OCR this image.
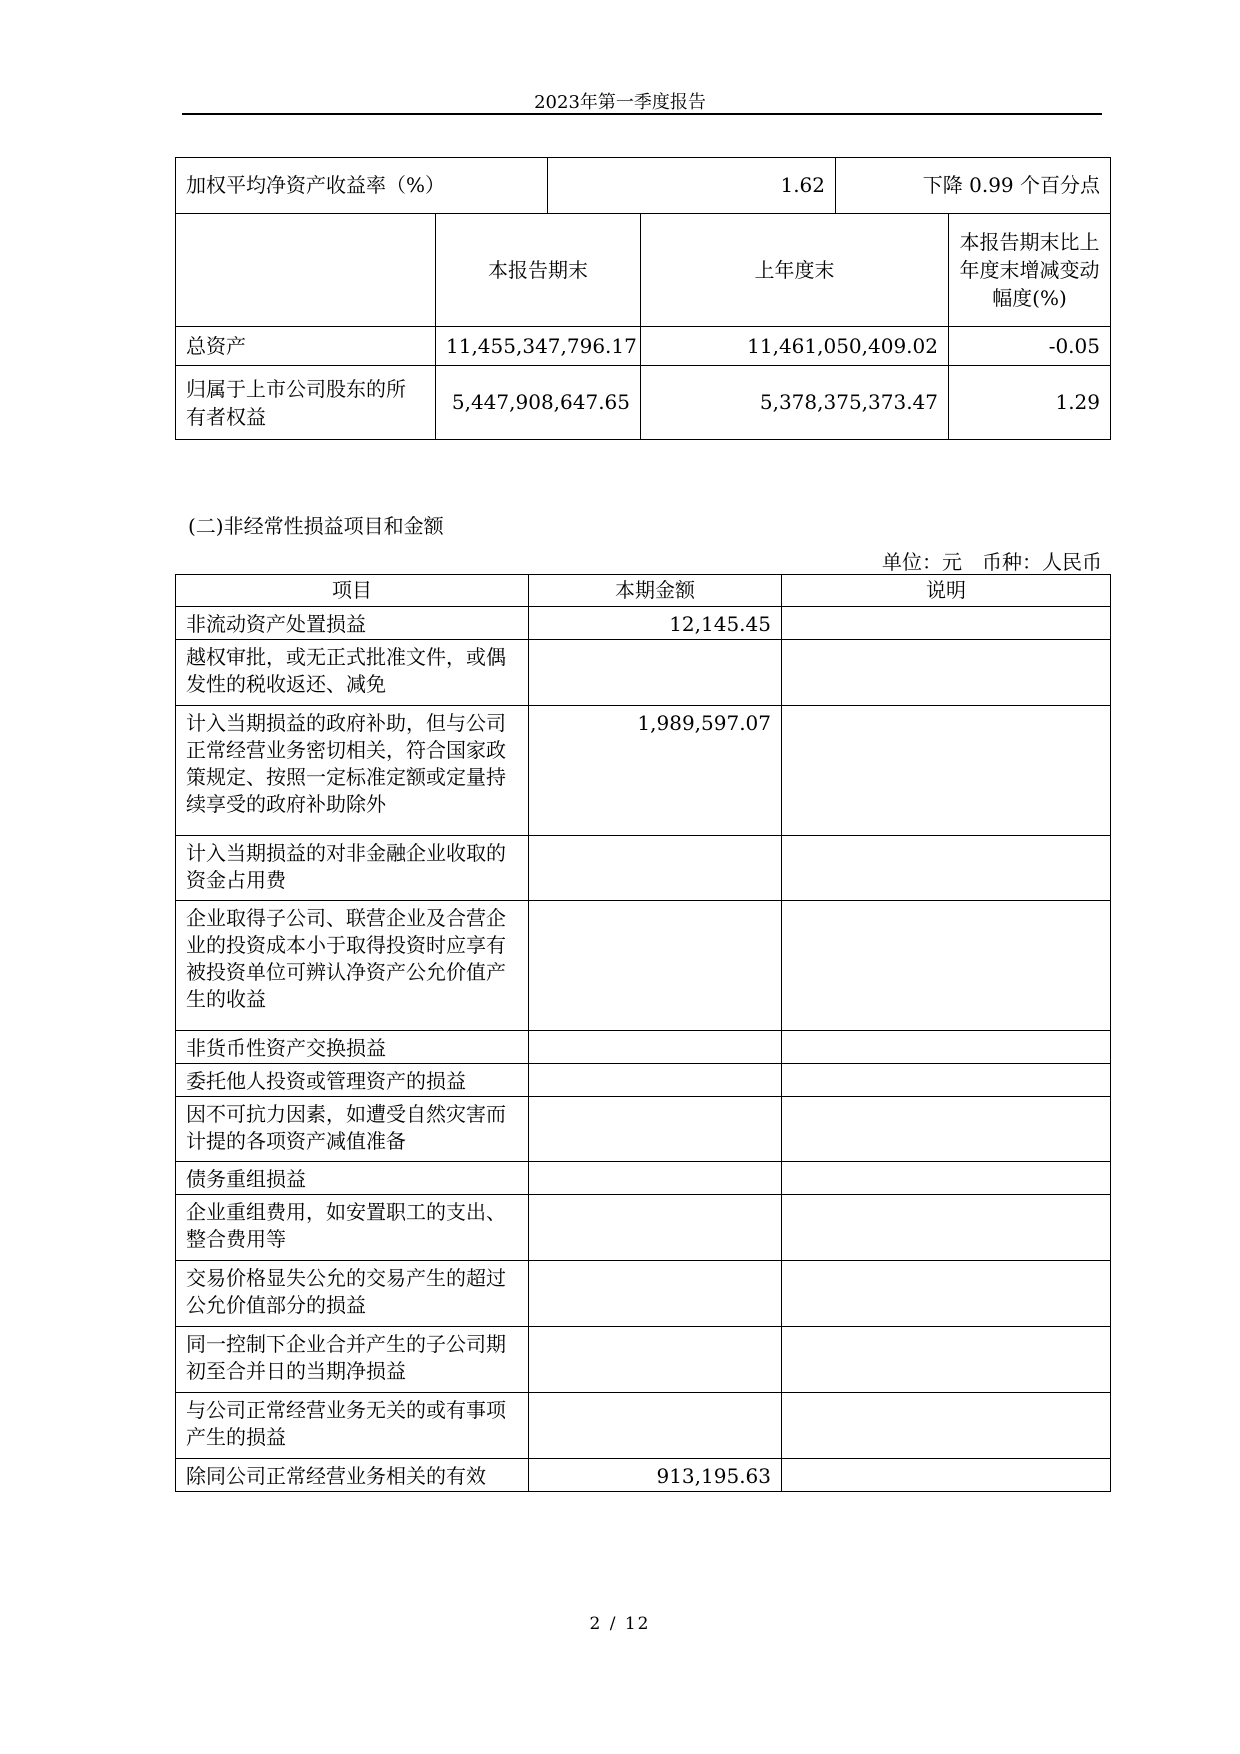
2023年第一季度报告
加权平均净资产收益率（%）	1.62	下降 0.99 个百分点
	本报告期末	上年度末	本报告期末比上年度末增减变动幅度(%)
总资产	11,455,347,796.17	11,461,050,409.02	-0.05
归属于上市公司股东的所有者权益	5,447,908,647.65	5,378,375,373.47	1.29
(二)非经常性损益项目和金额
单位：元　币种：人民币
项目	本期金额	说明
非流动资产处置损益	12,145.45	
越权审批，或无正式批准文件，或偶发性的税收返还、减免		
计入当期损益的政府补助，但与公司正常经营业务密切相关，符合国家政策规定、按照一定标准定额或定量持续享受的政府补助除外	1,989,597.07	
计入当期损益的对非金融企业收取的资金占用费		
企业取得子公司、联营企业及合营企业的投资成本小于取得投资时应享有被投资单位可辨认净资产公允价值产生的收益		
非货币性资产交换损益		
委托他人投资或管理资产的损益		
因不可抗力因素，如遭受自然灾害而计提的各项资产减值准备		
债务重组损益		
企业重组费用，如安置职工的支出、整合费用等		
交易价格显失公允的交易产生的超过公允价值部分的损益		
同一控制下企业合并产生的子公司期初至合并日的当期净损益		
与公司正常经营业务无关的或有事项产生的损益		
除同公司正常经营业务相关的有效	913,195.63	
2 / 12
